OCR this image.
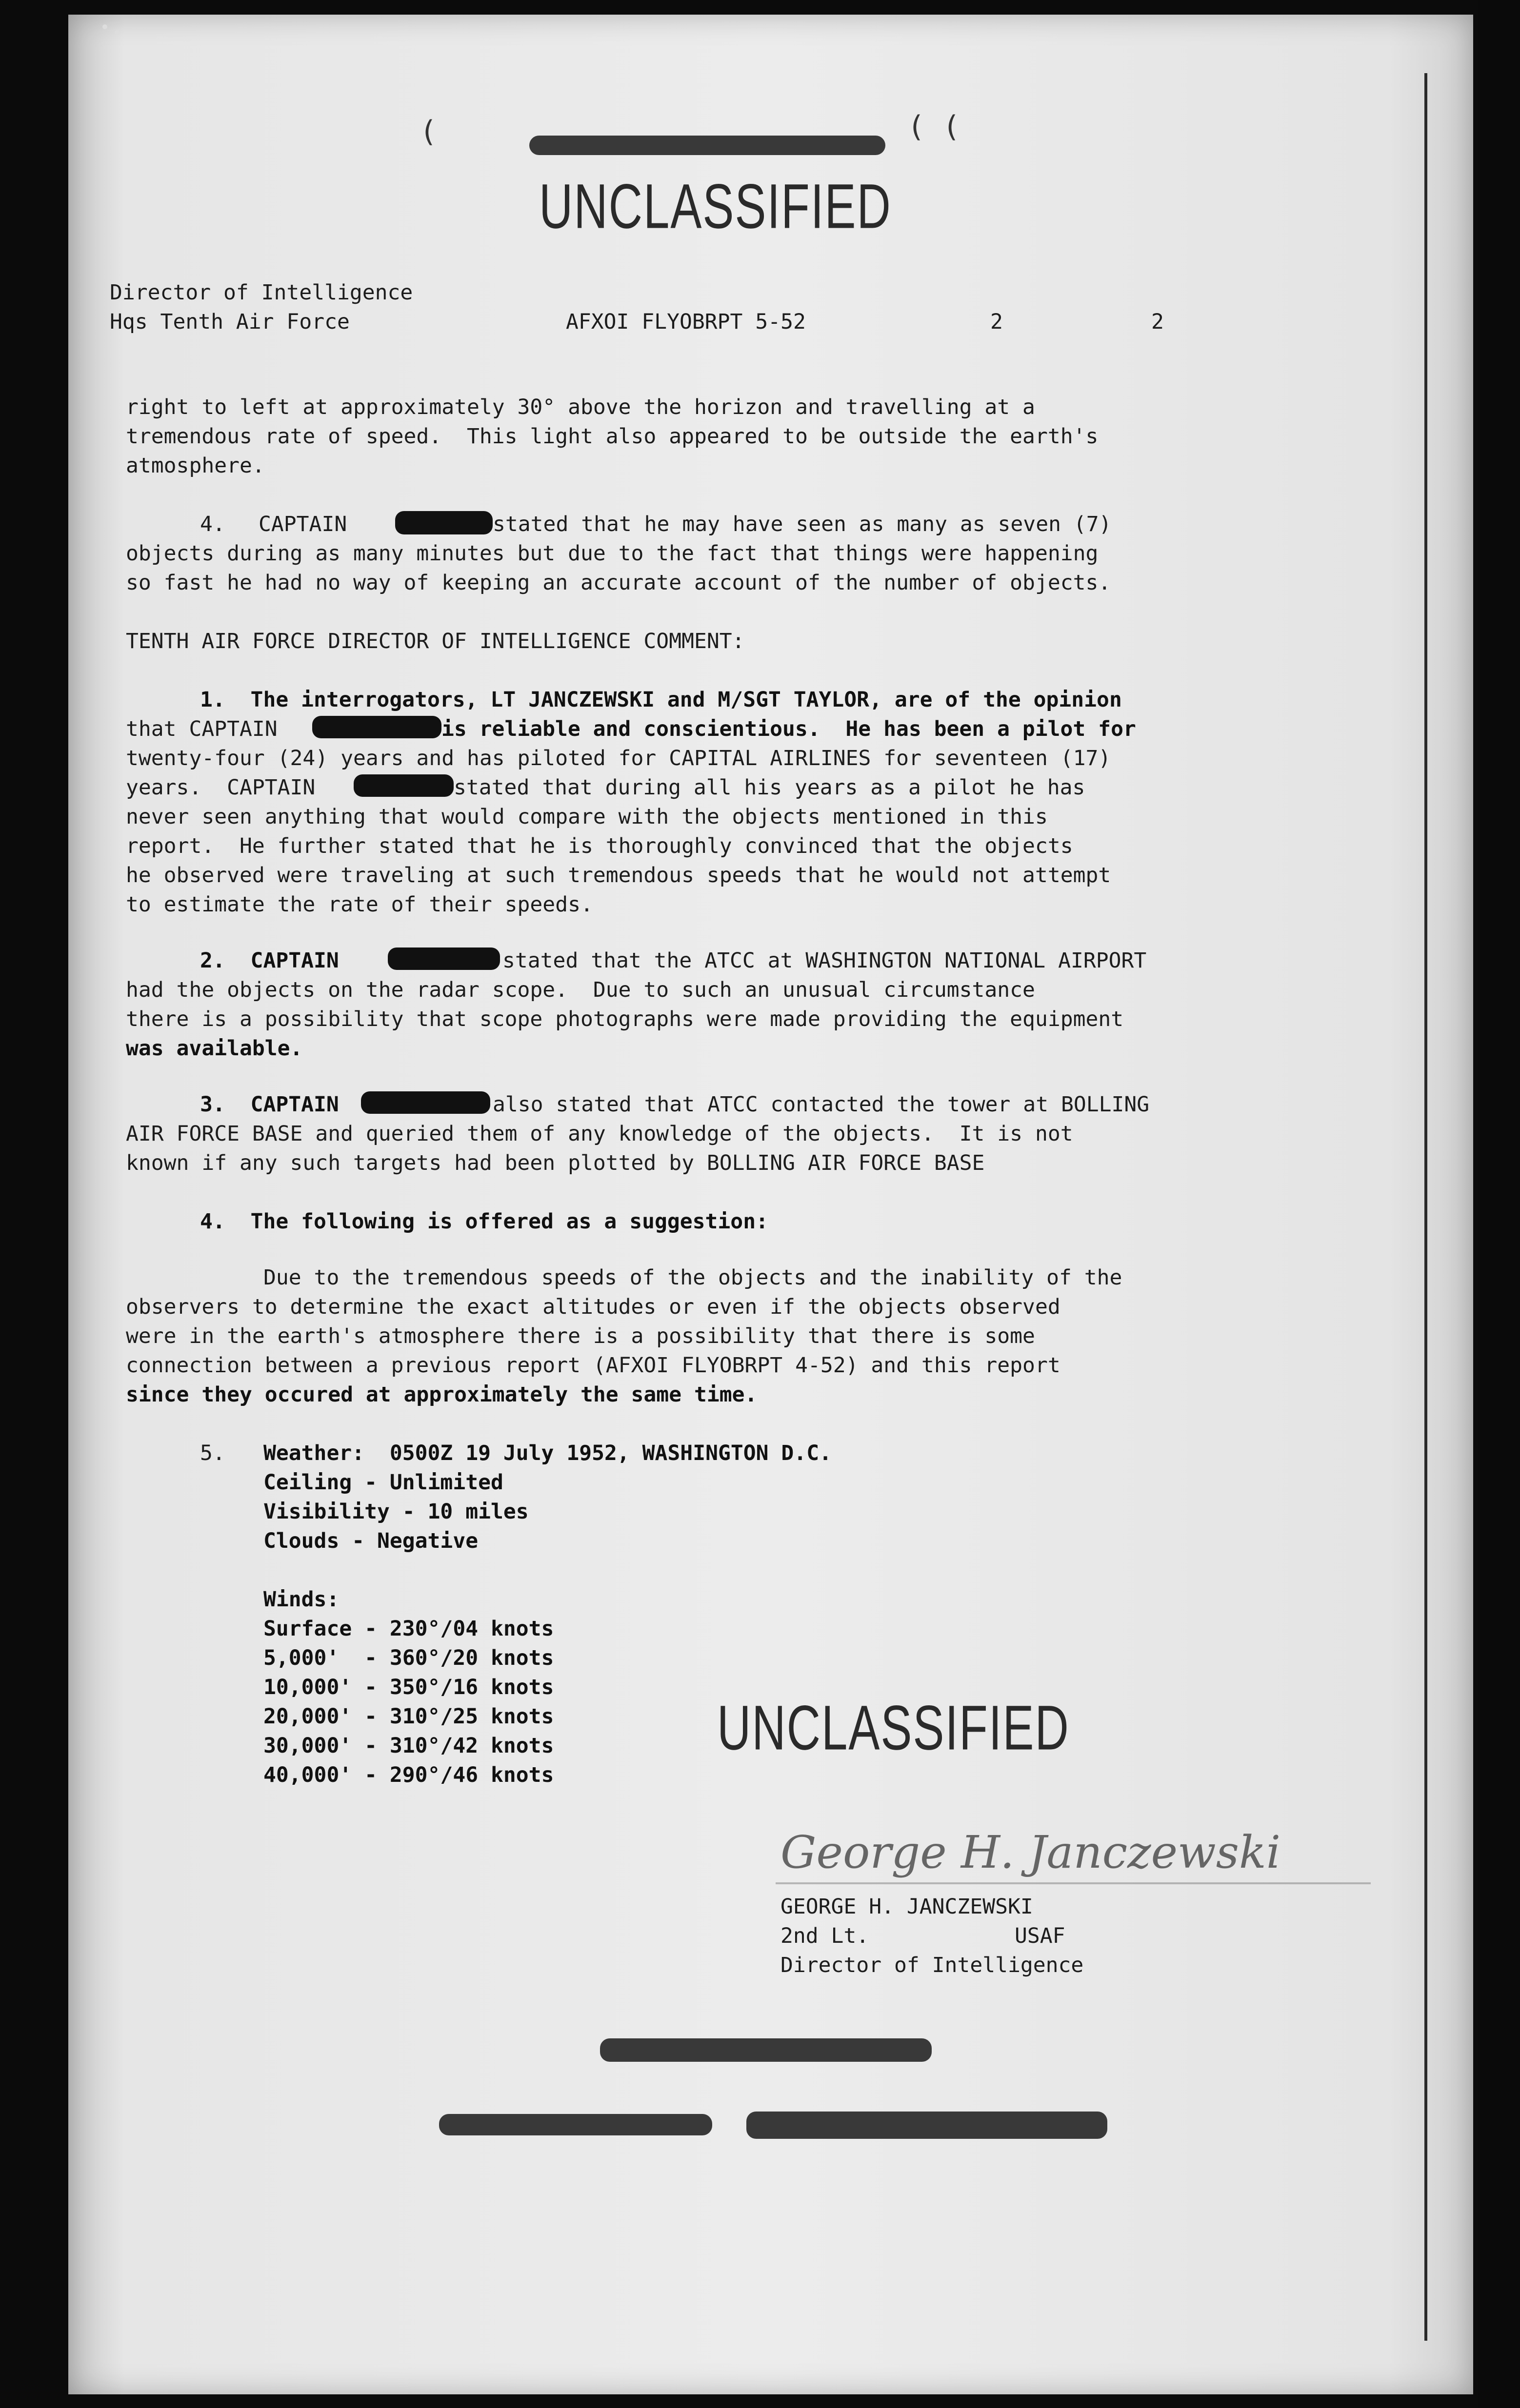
(	( (
UNCLASSIFIED
Director of Intelligence
Hqs Tenth Air Force	AFXOI FLYOBRPT 5-52	2	2
right to left at approximately 30° above the horizon and travelling at a
tremendous rate of speed.  This light also appeared to be outside the earth's
atmosphere.
4. CAPTAIN	stated that he may have seen as many as seven (7)
objects during as many minutes but due to the fact that things were happening
so fast he had no way of keeping an accurate account of the number of objects.
TENTH AIR FORCE DIRECTOR OF INTELLIGENCE COMMENT:
1.  The interrogators, LT JANCZEWSKI and M/SGT TAYLOR, are of the opinion
that CAPTAIN	is reliable and conscientious.  He has been a pilot for
twenty-four (24) years and has piloted for CAPITAL AIRLINES for seventeen (17)
years.  CAPTAIN	stated that during all his years as a pilot he has
never seen anything that would compare with the objects mentioned in this
report.  He further stated that he is thoroughly convinced that the objects
he observed were traveling at such tremendous speeds that he would not attempt
to estimate the rate of their speeds.
2.  CAPTAIN	stated that the ATCC at WASHINGTON NATIONAL AIRPORT
had the objects on the radar scope.  Due to such an unusual circumstance
there is a possibility that scope photographs were made providing the equipment
was available.
3.  CAPTAIN	also stated that ATCC contacted the tower at BOLLING
AIR FORCE BASE and queried them of any knowledge of the objects.  It is not
known if any such targets had been plotted by BOLLING AIR FORCE BASE
4.  The following is offered as a suggestion:
Due to the tremendous speeds of the objects and the inability of the
observers to determine the exact altitudes or even if the objects observed
were in the earth's atmosphere there is a possibility that there is some
connection between a previous report (AFXOI FLYOBRPT 4-52) and this report
since they occured at approximately the same time.
5. Weather:  0500Z 19 July 1952, WASHINGTON D.C.
Ceiling - Unlimited
Visibility - 10 miles
Clouds - Negative
Winds:
Surface - 230°/04 knots
5,000'  - 360°/20 knots
10,000' - 350°/16 knots
20,000' - 310°/25 knots
30,000' - 310°/42 knots
40,000' - 290°/46 knots
UNCLASSIFIED
George H. Janczewski
GEORGE H. JANCZEWSKI
2nd Lt.	USAF
Director of Intelligence
